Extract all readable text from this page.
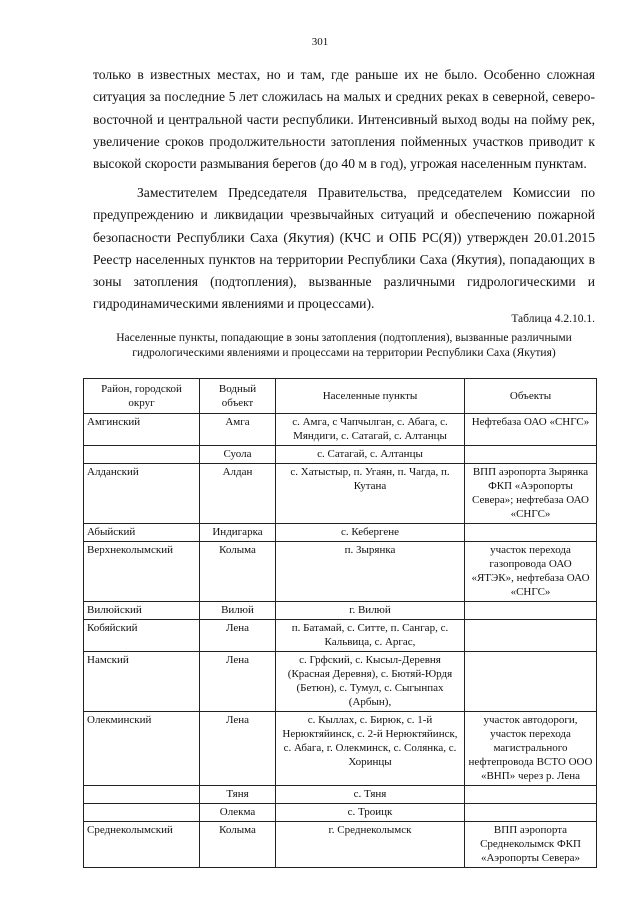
301

только в известных местах, но и там, где раньше их не было. Особенно сложная ситуация за последние 5 лет сложилась на малых и средних реках в северной, северо-восточной и центральной части республики. Интенсивный выход воды на пойму рек, увеличение сроков продолжительности затопления пойменных участков приводит к высокой скорости размывания берегов (до 40 м в год), угрожая населенным пунктам.

Заместителем Председателя Правительства, председателем Комиссии по предупреждению и ликвидации чрезвычайных ситуаций и обеспечению пожарной безопасности Республики Саха (Якутия) (КЧС и ОПБ РС(Я)) утвержден 20.01.2015 Реестр населенных пунктов на территории Республики Саха (Якутия), попадающих в зоны затопления (подтопления), вызванные различными гидрологическими и гидродинамическими явлениями и процессами).

Таблица 4.2.10.1.
Населенные пункты, попадающие в зоны затопления (подтопления), вызванные различными гидрологическими явлениями и процессами на территории Республики Саха (Якутия)
Район, городской округ	Водный объект	Населенные пункты	Объекты
Амгинский	Амга	с. Амга, с Чапчылган, с. Абага, с. Мяндиги, с. Сатагай, с. Алтанцы	Нефтебаза ОАО «СНГС»
	Суола	с. Сатагай, с. Алтанцы	
Алданский	Алдан	с. Хатыстыр, п. Угаян, п. Чагда, п. Кутана	ВПП аэропорта Зырянка ФКП «Аэропорты Севера»; нефтебаза ОАО «СНГС»
Абыйский	Индигарка	с. Кебергене	
Верхнеколымский	Колыма	п. Зырянка	участок перехода газопровода ОАО «ЯТЭК», нефтебаза ОАО «СНГС»
Вилюйский	Вилюй	г. Вилюй	
Кобяйский	Лена	п. Батамай, с. Ситте, п. Сангар, с. Кальвица, с. Аргас,	
Намский	Лена	с. Грфский, с. Кысыл-Деревня (Красная Деревня), с. Бютяй-Юрдя (Бетюн), с. Тумул, с. Сыгынпах (Арбын),	
Олекминский	Лена	с. Кыллах, с. Бирюк, с. 1-й Нерюктяйинск, с. 2-й Нерюктяйинск, с. Абага, г. Олекминск, с. Солянка, с. Хоринцы	участок автодороги, участок перехода магистрального нефтепровода ВСТО ООО «ВНП» через р. Лена
	Тяня	с. Тяня	
	Олекма	с. Троицк	
Среднеколымский	Колыма	г. Среднеколымск	ВПП аэропорта Среднеколымск ФКП «Аэропорты Севера»
